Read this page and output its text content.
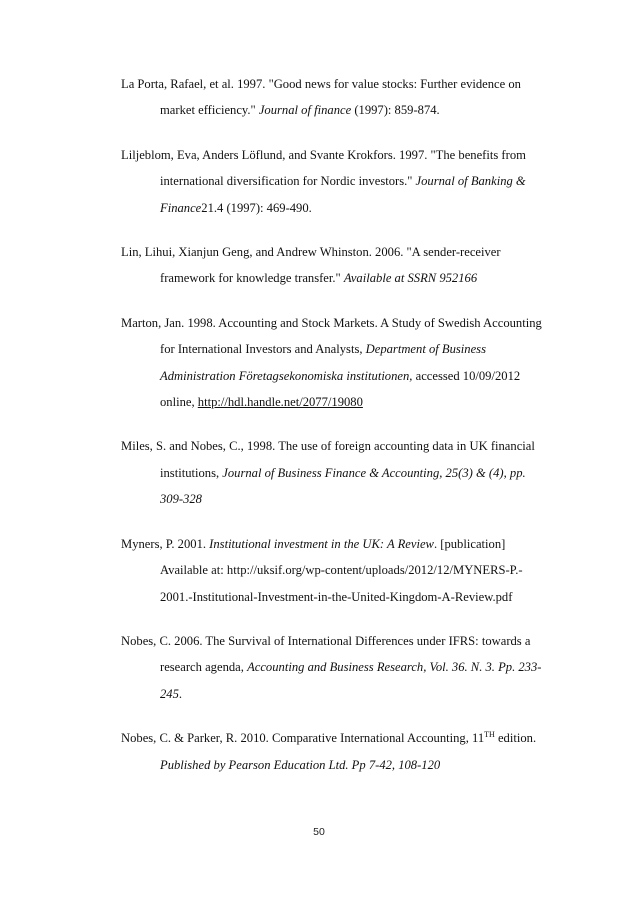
La Porta, Rafael, et al. 1997. "Good news for value stocks: Further evidence on
market efficiency." Journal of finance (1997): 859-874.
Liljeblom, Eva, Anders Löflund, and Svante Krokfors. 1997. "The benefits from
international diversification for Nordic investors." Journal of Banking &
Finance21.4 (1997): 469-490.
Lin, Lihui, Xianjun Geng, and Andrew Whinston. 2006. "A sender-receiver
framework for knowledge transfer." Available at SSRN 952166
Marton, Jan. 1998. Accounting and Stock Markets. A Study of Swedish Accounting
for International Investors and Analysts, Department of Business
Administration Företagsekonomiska institutionen, accessed 10/09/2012
online, http://hdl.handle.net/2077/19080
Miles, S. and Nobes, C., 1998. The use of foreign accounting data in UK financial
institutions, Journal of Business Finance & Accounting, 25(3) & (4), pp.
309-328
Myners, P. 2001. Institutional investment in the UK: A Review. [publication]
Available at: http://uksif.org/wp-content/uploads/2012/12/MYNERS-P.-
2001.-Institutional-Investment-in-the-United-Kingdom-A-Review.pdf
Nobes, C. 2006. The Survival of International Differences under IFRS: towards a
research agenda, Accounting and Business Research, Vol. 36. N. 3. Pp. 233-
245.
Nobes, C. & Parker, R. 2010. Comparative International Accounting, 11TH edition.
Published by Pearson Education Ltd. Pp 7-42, 108-120
50
